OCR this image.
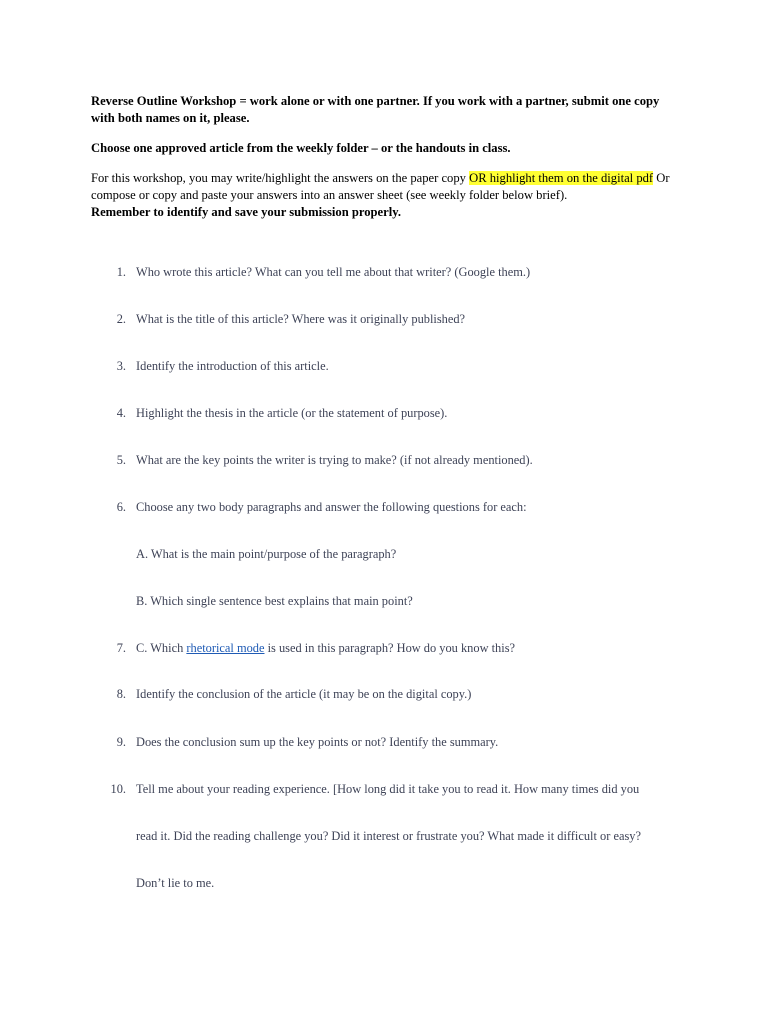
Reverse Outline Workshop = work alone or with one partner. If you work with a partner, submit one copy with both names on it, please.

Choose one approved article from the weekly folder – or the handouts in class.

For this workshop, you may write/highlight the answers on the paper copy OR highlight them on the digital pdf Or compose or copy and paste your answers into an answer sheet (see weekly folder below brief).
Remember to identify and save your submission properly.

1. Who wrote this article? What can you tell me about that writer? (Google them.)
2. What is the title of this article? Where was it originally published?
3. Identify the introduction of this article.
4. Highlight the thesis in the article (or the statement of purpose).
5. What are the key points the writer is trying to make? (if not already mentioned).
6. Choose any two body paragraphs and answer the following questions for each:
A. What is the main point/purpose of the paragraph?
B. Which single sentence best explains that main point?
7. C. Which rhetorical mode is used in this paragraph? How do you know this?
8. Identify the conclusion of the article (it may be on the digital copy.)
9. Does the conclusion sum up the key points or not? Identify the summary.
10. Tell me about your reading experience. [How long did it take you to read it. How many times did you
read it. Did the reading challenge you? Did it interest or frustrate you? What made it difficult or easy?
Don’t lie to me.
